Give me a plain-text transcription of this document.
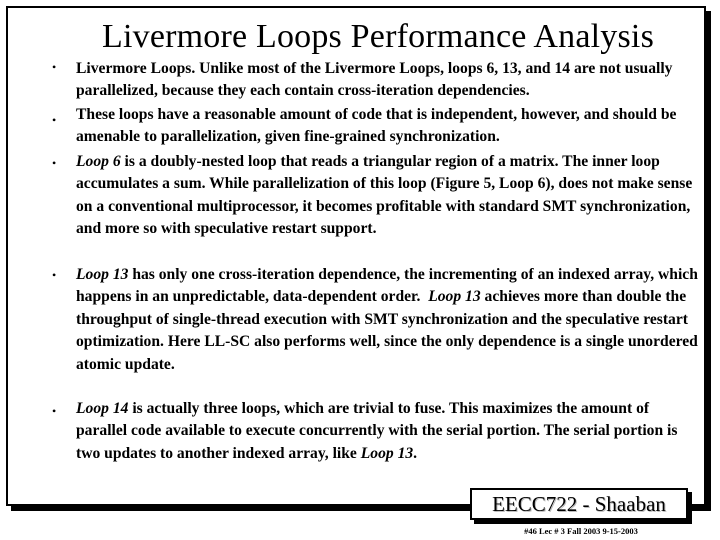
Livermore Loops Performance Analysis
• Livermore Loops. Unlike most of the Livermore Loops, loops 6, 13, and 14 are not usually parallelized, because they each contain cross-iteration dependencies.
• These loops have a reasonable amount of code that is independent, however, and should be amenable to parallelization, given fine-grained synchronization.
• Loop 6 is a doubly-nested loop that reads a triangular region of a matrix. The inner loop accumulates a sum. While parallelization of this loop (Figure 5, Loop 6), does not make sense on a conventional multiprocessor, it becomes profitable with standard SMT synchronization, and more so with speculative restart support.
• Loop 13 has only one cross-iteration dependence, the incrementing of an indexed array, which happens in an unpredictable, data-dependent order.  Loop 13 achieves more than double the throughput of single-thread execution with SMT synchronization and the speculative restart optimization. Here LL-SC also performs well, since the only dependence is a single unordered atomic update.
• Loop 14 is actually three loops, which are trivial to fuse. This maximizes the amount of parallel code available to execute concurrently with the serial portion. The serial portion is two updates to another indexed array, like Loop 13.
EECC722 - Shaaban
#46 Lec # 3 Fall 2003 9-15-2003
